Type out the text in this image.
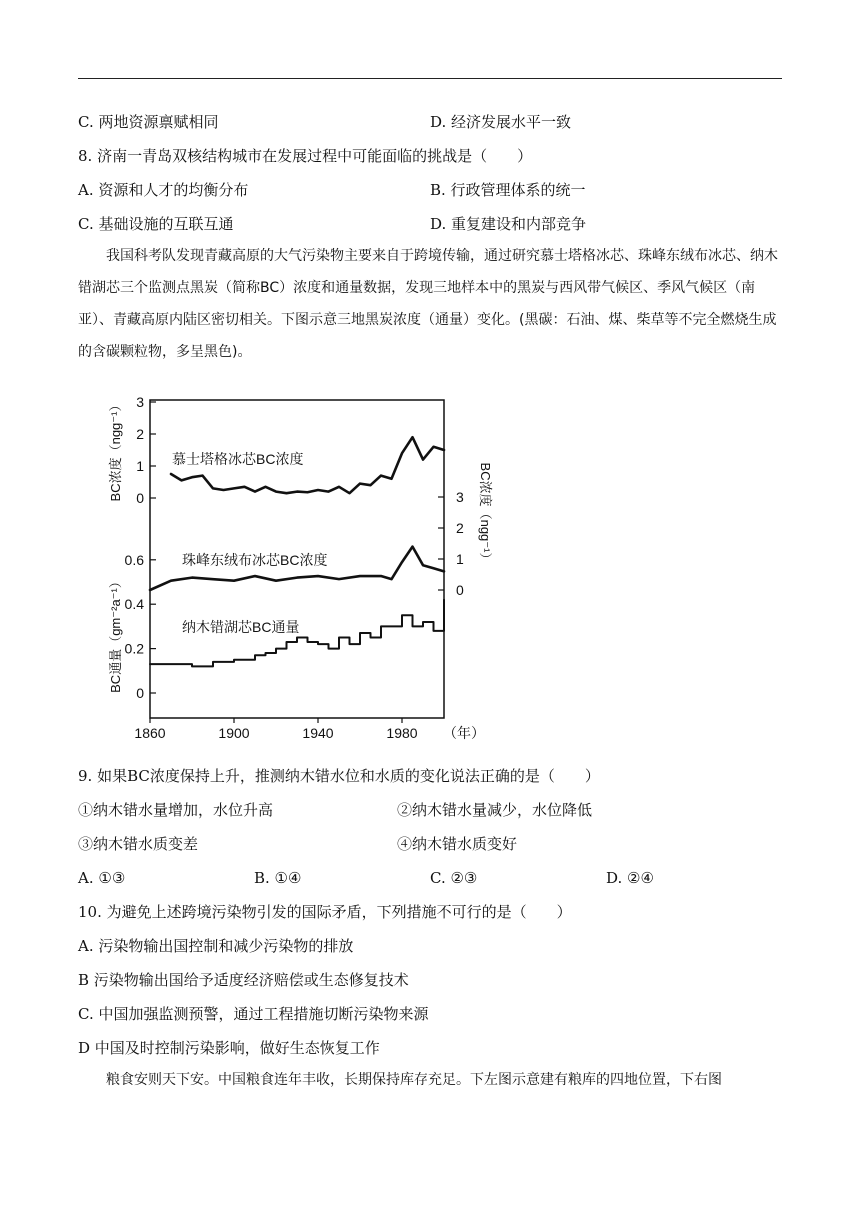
C. 两地资源禀赋相同	D. 经济发展水平一致
8. 济南一青岛双核结构城市在发展过程中可能面临的挑战是（　　）
A. 资源和人才的均衡分布	B. 行政管理体系的统一
C. 基础设施的互联互通	D. 重复建设和内部竞争
我国科考队发现青藏高原的大气污染物主要来自于跨境传输，通过研究慕士塔格冰芯、珠峰东绒布冰芯、纳木错湖芯三个监测点黑炭（简称BC）浓度和通量数据，发现三地样本中的黑炭与西风带气候区、季风气候区（南亚）、青藏高原内陆区密切相关。下图示意三地黑炭浓度（通量）变化。(黑碳：石油、煤、柴草等不完全燃烧生成的含碳颗粒物，多呈黑色)。
1860	1900	1940	1980 （年）
3
2
1
0
BC浓度（ngg⁻¹）	3
2
1
0
BC浓度（ngg⁻¹）
0.6
0.4
0.2
0
BC通量（gm⁻²a⁻¹）
慕士塔格冰芯BC浓度
珠峰东绒布冰芯BC浓度
纳木错湖芯BC通量
9. 如果BC浓度保持上升，推测纳木错水位和水质的变化说法正确的是（　　）
①纳木错水量增加，水位升高	②纳木错水量减少，水位降低
③纳木错水质变差	④纳木错水质变好
A. ①③	B. ①④	C. ②③	D. ②④
10. 为避免上述跨境污染物引发的国际矛盾，下列措施不可行的是（　　）
A. 污染物输出国控制和减少污染物的排放
B 污染物输出国给予适度经济赔偿或生态修复技术
C. 中国加强监测预警，通过工程措施切断污染物来源
D 中国及时控制污染影响，做好生态恢复工作
粮食安则天下安。中国粮食连年丰收，长期保持库存充足。下左图示意建有粮库的四地位置，下右图
